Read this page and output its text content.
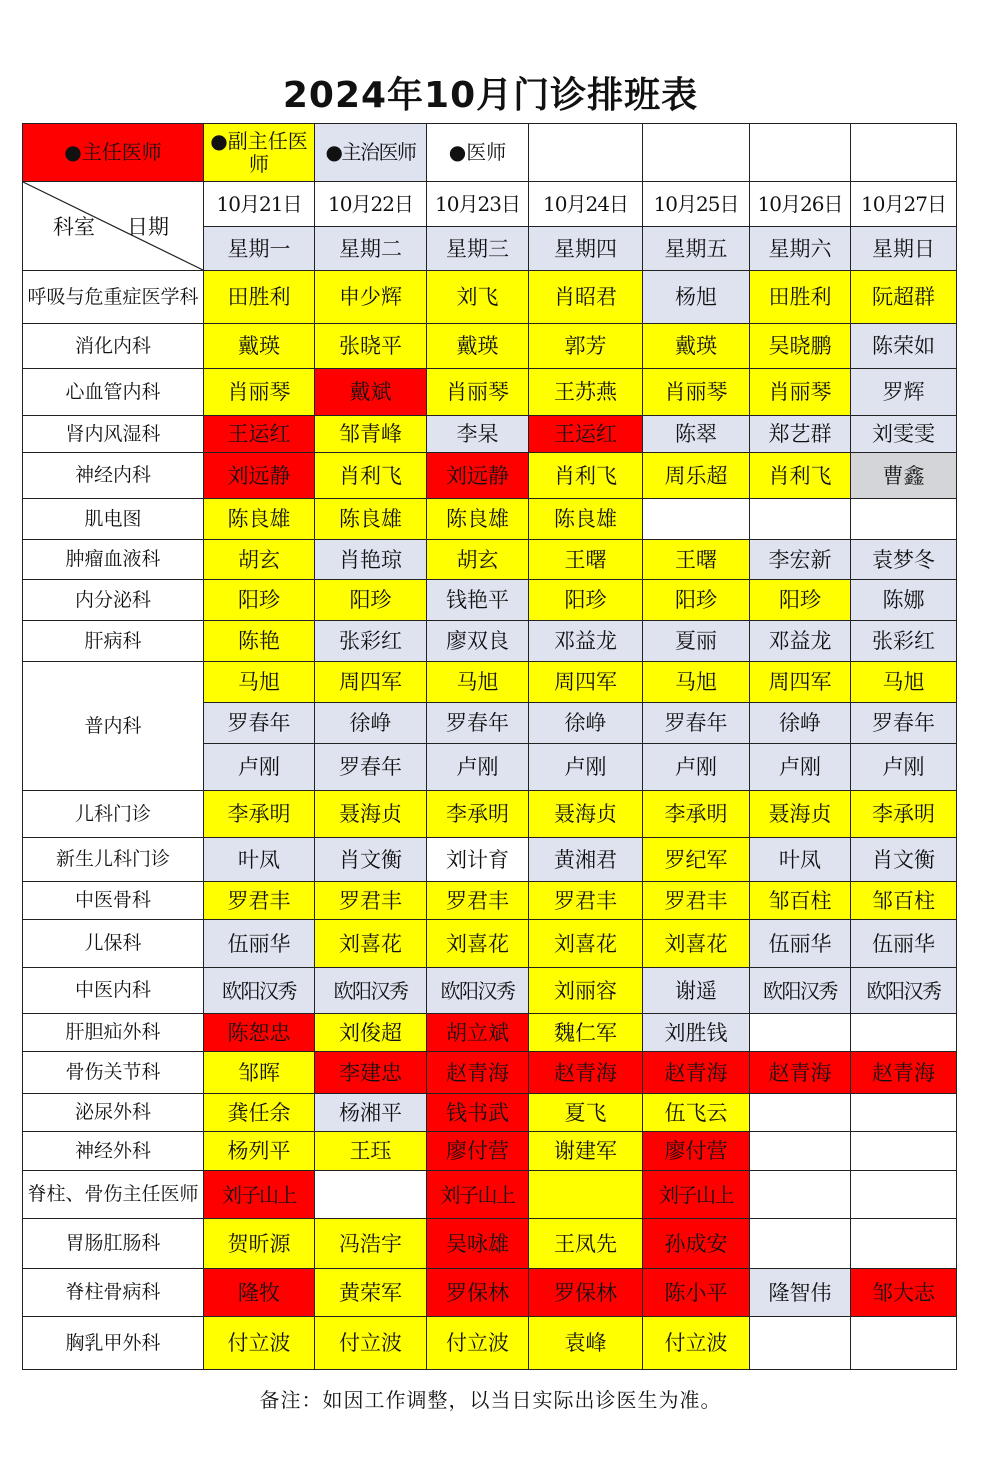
2024年10月门诊排班表
●主任医师	●副主任医师	●主治医师	●医师				

科室 日期	10月21日	10月22日	10月23日	10月24日	10月25日	10月26日	10月27日
	星期一	星期二	星期三	星期四	星期五	星期六	星期日
呼吸与危重症医学科	田胜利	申少辉	刘飞	肖昭君	杨旭	田胜利	阮超群
消化内科	戴瑛	张晓平	戴瑛	郭芳	戴瑛	吴晓鹏	陈荣如
心血管内科	肖丽琴	戴斌	肖丽琴	王苏燕	肖丽琴	肖丽琴	罗辉
肾内风湿科	王运红	邹青峰	李杲	王运红	陈翠	郑艺群	刘雯雯
神经内科	刘远静	肖利飞	刘远静	肖利飞	周乐超	肖利飞	曹鑫
肌电图	陈良雄	陈良雄	陈良雄	陈良雄			
肿瘤血液科	胡玄	肖艳琼	胡玄	王曙	王曙	李宏新	袁梦冬
内分泌科	阳珍	阳珍	钱艳平	阳珍	阳珍	阳珍	陈娜
肝病科	陈艳	张彩红	廖双良	邓益龙	夏丽	邓益龙	张彩红
普内科	马旭	周四军	马旭	周四军	马旭	周四军	马旭
	罗春年	徐峥	罗春年	徐峥	罗春年	徐峥	罗春年
	卢刚	罗春年	卢刚	卢刚	卢刚	卢刚	卢刚
儿科门诊	李承明	聂海贞	李承明	聂海贞	李承明	聂海贞	李承明
新生儿科门诊	叶凤	肖文衡	刘计育	黄湘君	罗纪军	叶凤	肖文衡
中医骨科	罗君丰	罗君丰	罗君丰	罗君丰	罗君丰	邹百柱	邹百柱
儿保科	伍丽华	刘喜花	刘喜花	刘喜花	刘喜花	伍丽华	伍丽华
中医内科	欧阳汉秀	欧阳汉秀	欧阳汉秀	刘丽容	谢遥	欧阳汉秀	欧阳汉秀
肝胆疝外科	陈恕忠	刘俊超	胡立斌	魏仁军	刘胜钱		
骨伤关节科	邹晖	李建忠	赵青海	赵青海	赵青海	赵青海	赵青海
泌尿外科	龚任余	杨湘平	钱书武	夏飞	伍飞云		
神经外科	杨列平	王珏	廖付营	谢建军	廖付营		
脊柱、骨伤主任医师	刘子山上		刘子山上		刘子山上		
胃肠肛肠科	贺昕源	冯浩宇	吴咏雄	王凤先	孙成安		
脊柱骨病科	隆牧	黄荣军	罗保林	罗保林	陈小平	隆智伟	邹大志
胸乳甲外科	付立波	付立波	付立波	袁峰	付立波		
备注：如因工作调整，以当日实际出诊医生为准。
